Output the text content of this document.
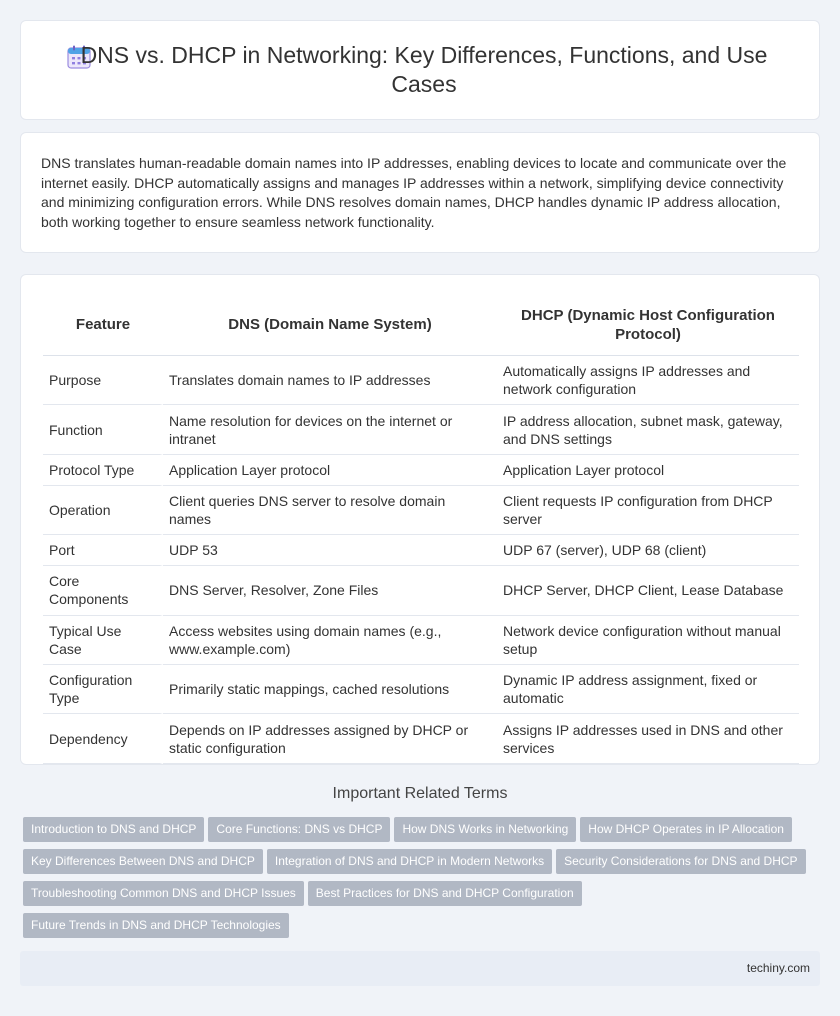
DNS vs. DHCP in Networking: Key Differences, Functions, and Use Cases

DNS translates human-readable domain names into IP addresses, enabling devices to locate and communicate over the internet easily. DHCP automatically assigns and manages IP addresses within a network, simplifying device connectivity and minimizing configuration errors. While DNS resolves domain names, DHCP handles dynamic IP address allocation, both working together to ensure seamless network functionality.

Feature	DNS (Domain Name System)	DHCP (Dynamic Host Configuration Protocol)
Purpose	Translates domain names to IP addresses	Automatically assigns IP addresses and network configuration
Function	Name resolution for devices on the internet or intranet	IP address allocation, subnet mask, gateway, and DNS settings
Protocol Type	Application Layer protocol	Application Layer protocol
Operation	Client queries DNS server to resolve domain names	Client requests IP configuration from DHCP server
Port	UDP 53	UDP 67 (server), UDP 68 (client)
Core Components	DNS Server, Resolver, Zone Files	DHCP Server, DHCP Client, Lease Database
Typical Use Case	Access websites using domain names (e.g., www.example.com)	Network device configuration without manual setup
Configuration Type	Primarily static mappings, cached resolutions	Dynamic IP address assignment, fixed or automatic
Dependency	Depends on IP addresses assigned by DHCP or static configuration	Assigns IP addresses used in DNS and other services
Important Related Terms
Introduction to DNS and DHCP Core Functions: DNS vs DHCP How DNS Works in Networking How DHCP Operates in IP AllocationKey Differences Between DNS and DHCP Integration of DNS and DHCP in Modern Networks Security Considerations for DNS and DHCPTroubleshooting Common DNS and DHCP Issues Best Practices for DNS and DHCP ConfigurationFuture Trends in DNS and DHCP Technologies
techiny.com
